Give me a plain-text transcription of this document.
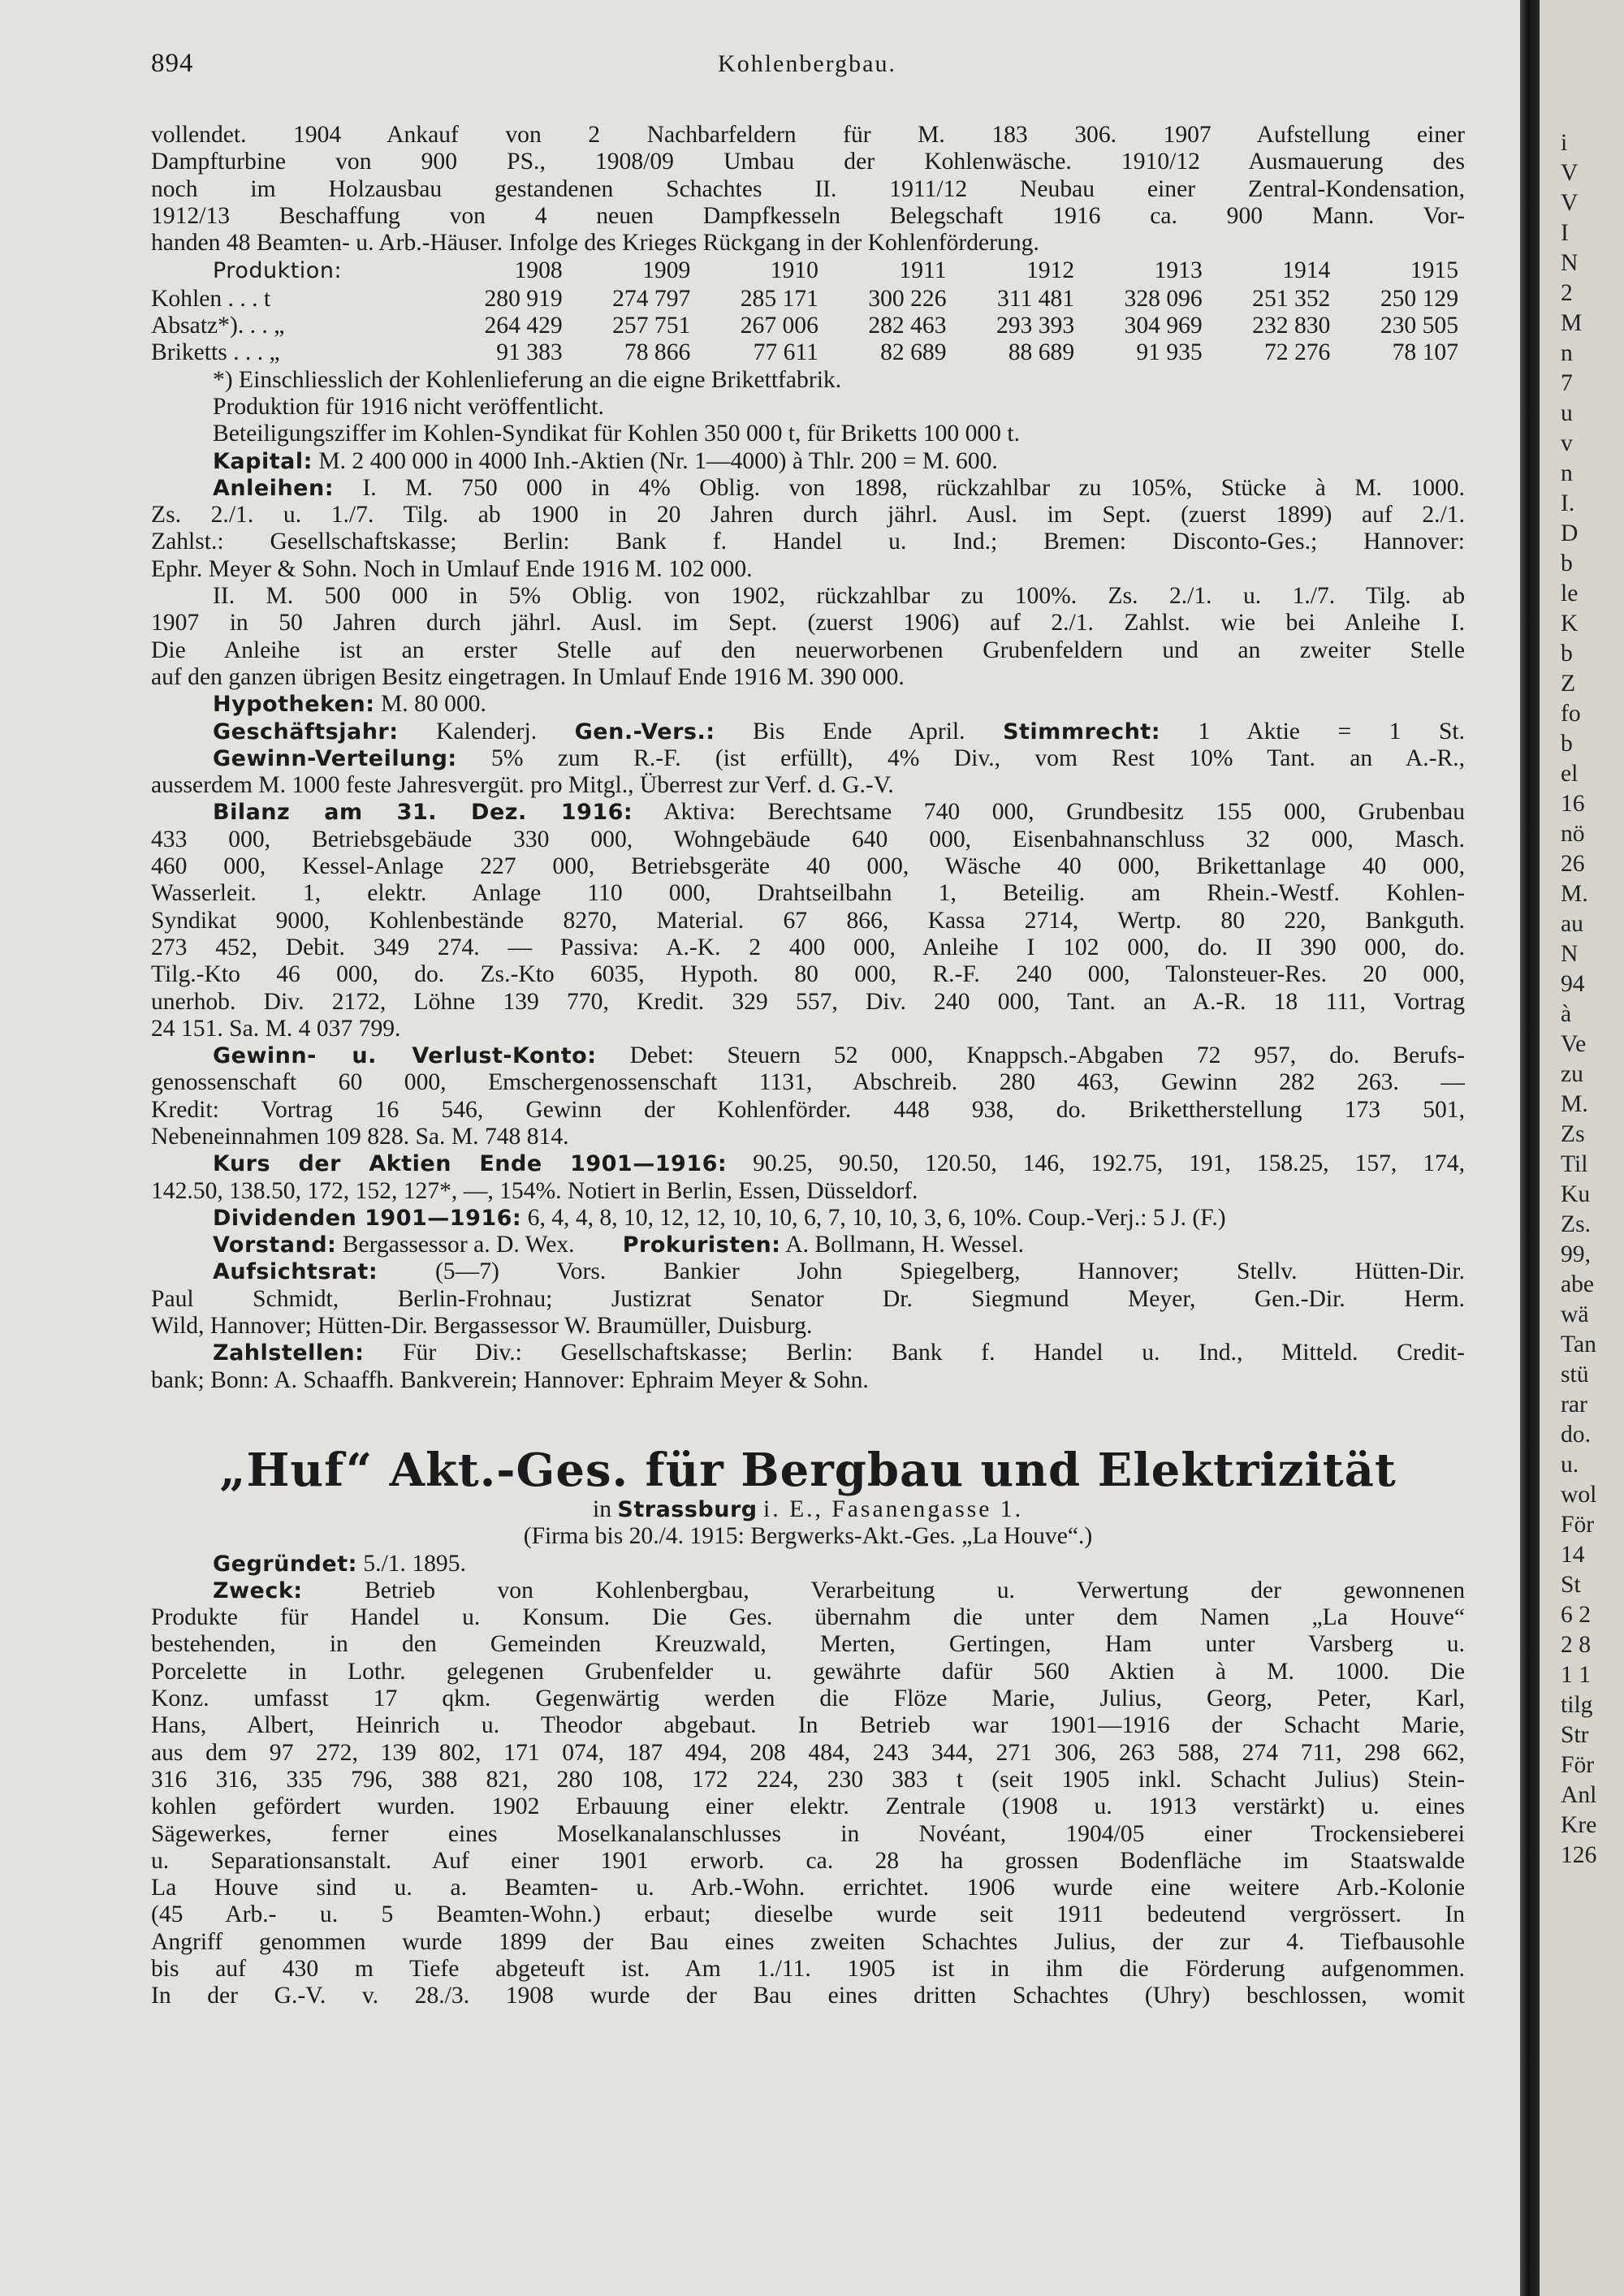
894	Kohlenbergbau.
vollendet. 1904 Ankauf von 2 Nachbarfeldern für M. 183 306. 1907 Aufstellung einer
Dampfturbine von 900 PS., 1908/09 Umbau der Kohlenwäsche. 1910/12 Ausmauerung des
noch im Holzausbau gestandenen Schachtes II. 1911/12 Neubau einer Zentral-Kondensation,
1912/13 Beschaffung von 4 neuen Dampfkesseln Belegschaft 1916 ca. 900 Mann. Vor-
handen 48 Beamten- u. Arb.-Häuser. Infolge des Krieges Rückgang in der Kohlenförderung.
Produktion:	1908	1909	1910	1911	1912	1913	1914	1915
Kohlen . . . t	280 919	274 797	285 171	300 226	311 481	328 096	251 352	250 129
Absatz*). . . „	264 429	257 751	267 006	282 463	293 393	304 969	232 830	230 505
Briketts . . . „	91 383	78 866	77 611	82 689	88 689	91 935	72 276	78 107
*) Einschliesslich der Kohlenlieferung an die eigne Brikettfabrik.
Produktion für 1916 nicht veröffentlicht.
Beteiligungsziffer im Kohlen-Syndikat für Kohlen 350 000 t, für Briketts 100 000 t.
Kapital: M. 2 400 000 in 4000 Inh.-Aktien (Nr. 1—4000) à Thlr. 200 = M. 600.
Anleihen: I. M. 750 000 in 4% Oblig. von 1898, rückzahlbar zu 105%, Stücke à M. 1000.
Zs. 2./1. u. 1./7. Tilg. ab 1900 in 20 Jahren durch jährl. Ausl. im Sept. (zuerst 1899) auf 2./1.
Zahlst.: Gesellschaftskasse; Berlin: Bank f. Handel u. Ind.; Bremen: Disconto-Ges.; Hannover:
Ephr. Meyer & Sohn. Noch in Umlauf Ende 1916 M. 102 000.
II. M. 500 000 in 5% Oblig. von 1902, rückzahlbar zu 100%. Zs. 2./1. u. 1./7. Tilg. ab
1907 in 50 Jahren durch jährl. Ausl. im Sept. (zuerst 1906) auf 2./1. Zahlst. wie bei Anleihe I.
Die Anleihe ist an erster Stelle auf den neuerworbenen Grubenfeldern und an zweiter Stelle
auf den ganzen übrigen Besitz eingetragen. In Umlauf Ende 1916 M. 390 000.
Hypotheken: M. 80 000.
Geschäftsjahr: Kalenderj. Gen.-Vers.: Bis Ende April. Stimmrecht: 1 Aktie = 1 St.
Gewinn-Verteilung: 5% zum R.-F. (ist erfüllt), 4% Div., vom Rest 10% Tant. an A.-R.,
ausserdem M. 1000 feste Jahresvergüt. pro Mitgl., Überrest zur Verf. d. G.-V.
Bilanz am 31. Dez. 1916: Aktiva: Berechtsame 740 000, Grundbesitz 155 000, Grubenbau
433 000, Betriebsgebäude 330 000, Wohngebäude 640 000, Eisenbahnanschluss 32 000, Masch.
460 000, Kessel-Anlage 227 000, Betriebsgeräte 40 000, Wäsche 40 000, Brikettanlage 40 000,
Wasserleit. 1, elektr. Anlage 110 000, Drahtseilbahn 1, Beteilig. am Rhein.-Westf. Kohlen-
Syndikat 9000, Kohlenbestände 8270, Material. 67 866, Kassa 2714, Wertp. 80 220, Bankguth.
273 452, Debit. 349 274. — Passiva: A.-K. 2 400 000, Anleihe I 102 000, do. II 390 000, do.
Tilg.-Kto 46 000, do. Zs.-Kto 6035, Hypoth. 80 000, R.-F. 240 000, Talonsteuer-Res. 20 000,
unerhob. Div. 2172, Löhne 139 770, Kredit. 329 557, Div. 240 000, Tant. an A.-R. 18 111, Vortrag
24 151. Sa. M. 4 037 799.
Gewinn- u. Verlust-Konto: Debet: Steuern 52 000, Knappsch.-Abgaben 72 957, do. Berufs-
genossenschaft 60 000, Emschergenossenschaft 1131, Abschreib. 280 463, Gewinn 282 263. —
Kredit: Vortrag 16 546, Gewinn der Kohlenförder. 448 938, do. Brikettherstellung 173 501,
Nebeneinnahmen 109 828. Sa. M. 748 814.
Kurs der Aktien Ende 1901—1916: 90.25, 90.50, 120.50, 146, 192.75, 191, 158.25, 157, 174,
142.50, 138.50, 172, 152, 127*, —, 154%. Notiert in Berlin, Essen, Düsseldorf.
Dividenden 1901—1916: 6, 4, 4, 8, 10, 12, 12, 10, 10, 6, 7, 10, 10, 3, 6, 10%. Coup.-Verj.: 5 J. (F.)
Vorstand: Bergassessor a. D. Wex. Prokuristen: A. Bollmann, H. Wessel.
Aufsichtsrat: (5—7) Vors. Bankier John Spiegelberg, Hannover; Stellv. Hütten-Dir.
Paul Schmidt, Berlin-Frohnau; Justizrat Senator Dr. Siegmund Meyer, Gen.-Dir. Herm.
Wild, Hannover; Hütten-Dir. Bergassessor W. Braumüller, Duisburg.
Zahlstellen: Für Div.: Gesellschaftskasse; Berlin: Bank f. Handel u. Ind., Mitteld. Credit-
bank; Bonn: A. Schaaffh. Bankverein; Hannover: Ephraim Meyer & Sohn.
„Huf“ Akt.-Ges. für Bergbau und Elektrizität
in Strassburg i. E., Fasanengasse 1.
(Firma bis 20./4. 1915: Bergwerks-Akt.-Ges. „La Houve“.)
Gegründet: 5./1. 1895.
Zweck:	Betrieb von Kohlenbergbau, Verarbeitung u. Verwertung der gewonnenen
Produkte für Handel u. Konsum. Die Ges. übernahm die unter dem Namen „La Houve“
bestehenden, in den Gemeinden Kreuzwald, Merten, Gertingen, Ham unter Varsberg u.
Porcelette in Lothr. gelegenen Grubenfelder u. gewährte dafür 560 Aktien à M. 1000. Die
Konz. umfasst 17 qkm. Gegenwärtig werden die Flöze Marie, Julius, Georg, Peter, Karl,
Hans, Albert, Heinrich u. Theodor abgebaut. In Betrieb war 1901—1916 der Schacht Marie,
aus dem 97 272, 139 802, 171 074, 187 494, 208 484, 243 344, 271 306, 263 588, 274 711, 298 662,
316 316, 335 796, 388 821, 280 108, 172 224, 230 383 t (seit 1905 inkl. Schacht Julius) Stein-
kohlen gefördert wurden. 1902 Erbauung einer elektr. Zentrale (1908 u. 1913 verstärkt) u. eines
Sägewerkes, ferner eines Moselkanalanschlusses in Novéant, 1904/05 einer Trockensieberei
u. Separationsanstalt. Auf einer 1901 erworb. ca. 28 ha grossen Bodenfläche im Staatswalde
La Houve sind u. a. Beamten- u. Arb.-Wohn. errichtet. 1906 wurde eine weitere Arb.-Kolonie
(45 Arb.- u. 5 Beamten-Wohn.) erbaut; dieselbe wurde seit 1911 bedeutend vergrössert. In
Angriff genommen wurde 1899 der Bau eines zweiten Schachtes Julius, der zur 4. Tiefbausohle
bis auf 430 m Tiefe abgeteuft ist. Am 1./11. 1905 ist in ihm die Förderung aufgenommen.
In der G.-V. v. 28./3. 1908 wurde der Bau eines dritten Schachtes (Uhry) beschlossen, womit
i
V
V
I
N
2
M
n
7
u
v
n
I.
D
b
le
K
b
Z
fo
b
el
16
nö
26
M.
au
N
94
à
Ve
zu
M.
Zs
Til
Ku
Zs.
99,
abe
wä
Tan
stü
rar
do.
u.
wol
För
14
St
6 2
2 8
1 1
tilg
Str
För
Anl
Kre
126
